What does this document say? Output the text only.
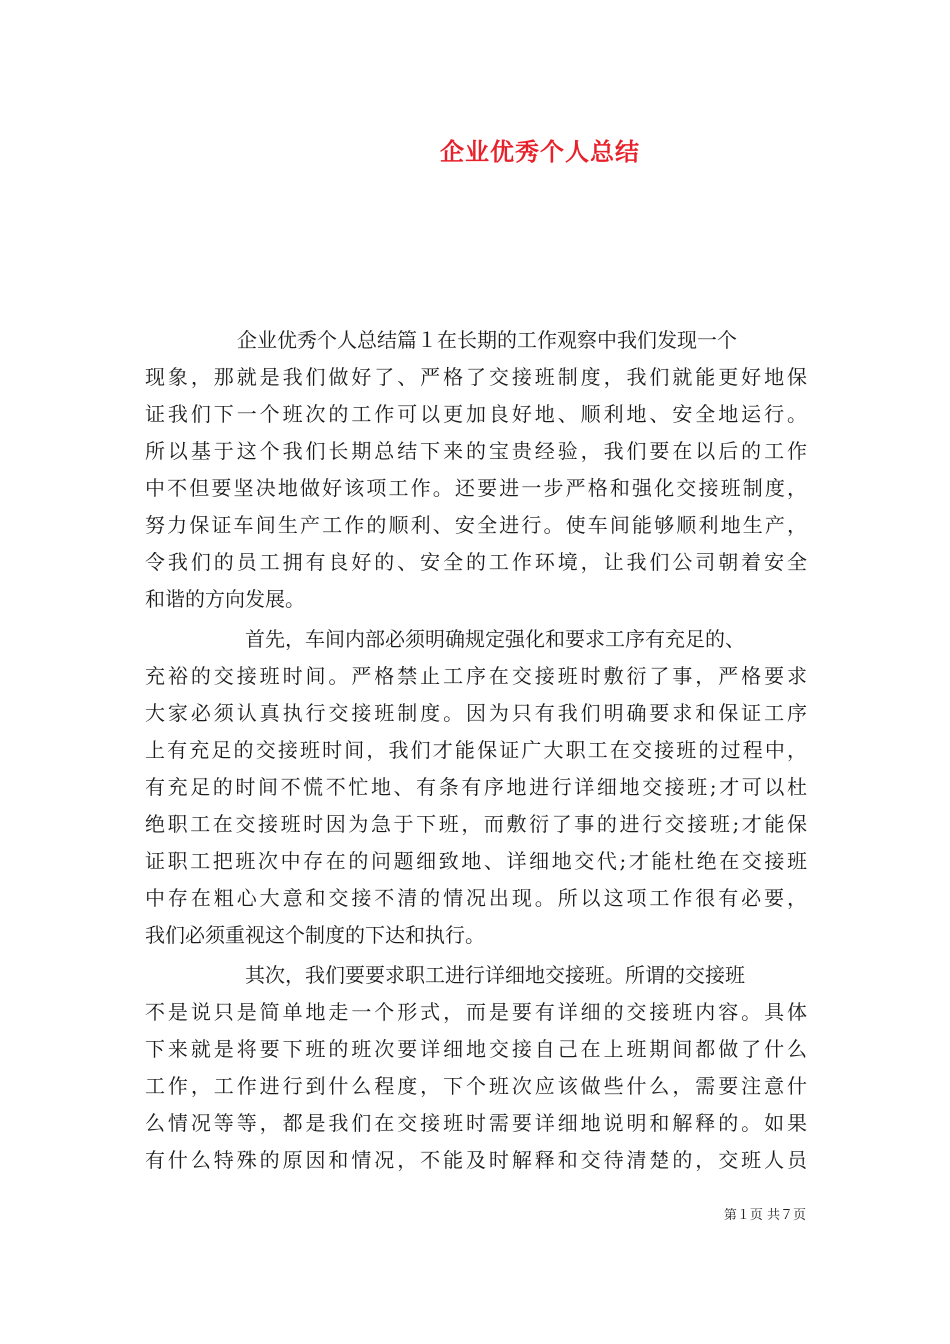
企业优秀个人总结
企业优秀个人总结篇１在长期的工作观察中我们发现一个
现象，那就是我们做好了、严格了交接班制度，我们就能更好地保
证我们下一个班次的工作可以更加良好地、顺利地、安全地运行。
所以基于这个我们长期总结下来的宝贵经验，我们要在以后的工作
中不但要坚决地做好该项工作。还要进一步严格和强化交接班制度，
努力保证车间生产工作的顺利、安全进行。使车间能够顺利地生产，
令我们的员工拥有良好的、安全的工作环境，让我们公司朝着安全
和谐的方向发展。
首先，车间内部必须明确规定强化和要求工序有充足的、
充裕的交接班时间。严格禁止工序在交接班时敷衍了事，严格要求
大家必须认真执行交接班制度。因为只有我们明确要求和保证工序
上有充足的交接班时间，我们才能保证广大职工在交接班的过程中，
有充足的时间不慌不忙地、有条有序地进行详细地交接班;才可以杜
绝职工在交接班时因为急于下班，而敷衍了事的进行交接班;才能保
证职工把班次中存在的问题细致地、详细地交代;才能杜绝在交接班
中存在粗心大意和交接不清的情况出现。所以这项工作很有必要，
我们必须重视这个制度的下达和执行。
其次，我们要要求职工进行详细地交接班。所谓的交接班
不是说只是简单地走一个形式，而是要有详细的交接班内容。具体
下来就是将要下班的班次要详细地交接自己在上班期间都做了什么
工作，工作进行到什么程度，下个班次应该做些什么，需要注意什
么情况等等，都是我们在交接班时需要详细地说明和解释的。如果
有什么特殊的原因和情况，不能及时解释和交待清楚的，交班人员
第１页 共７页
